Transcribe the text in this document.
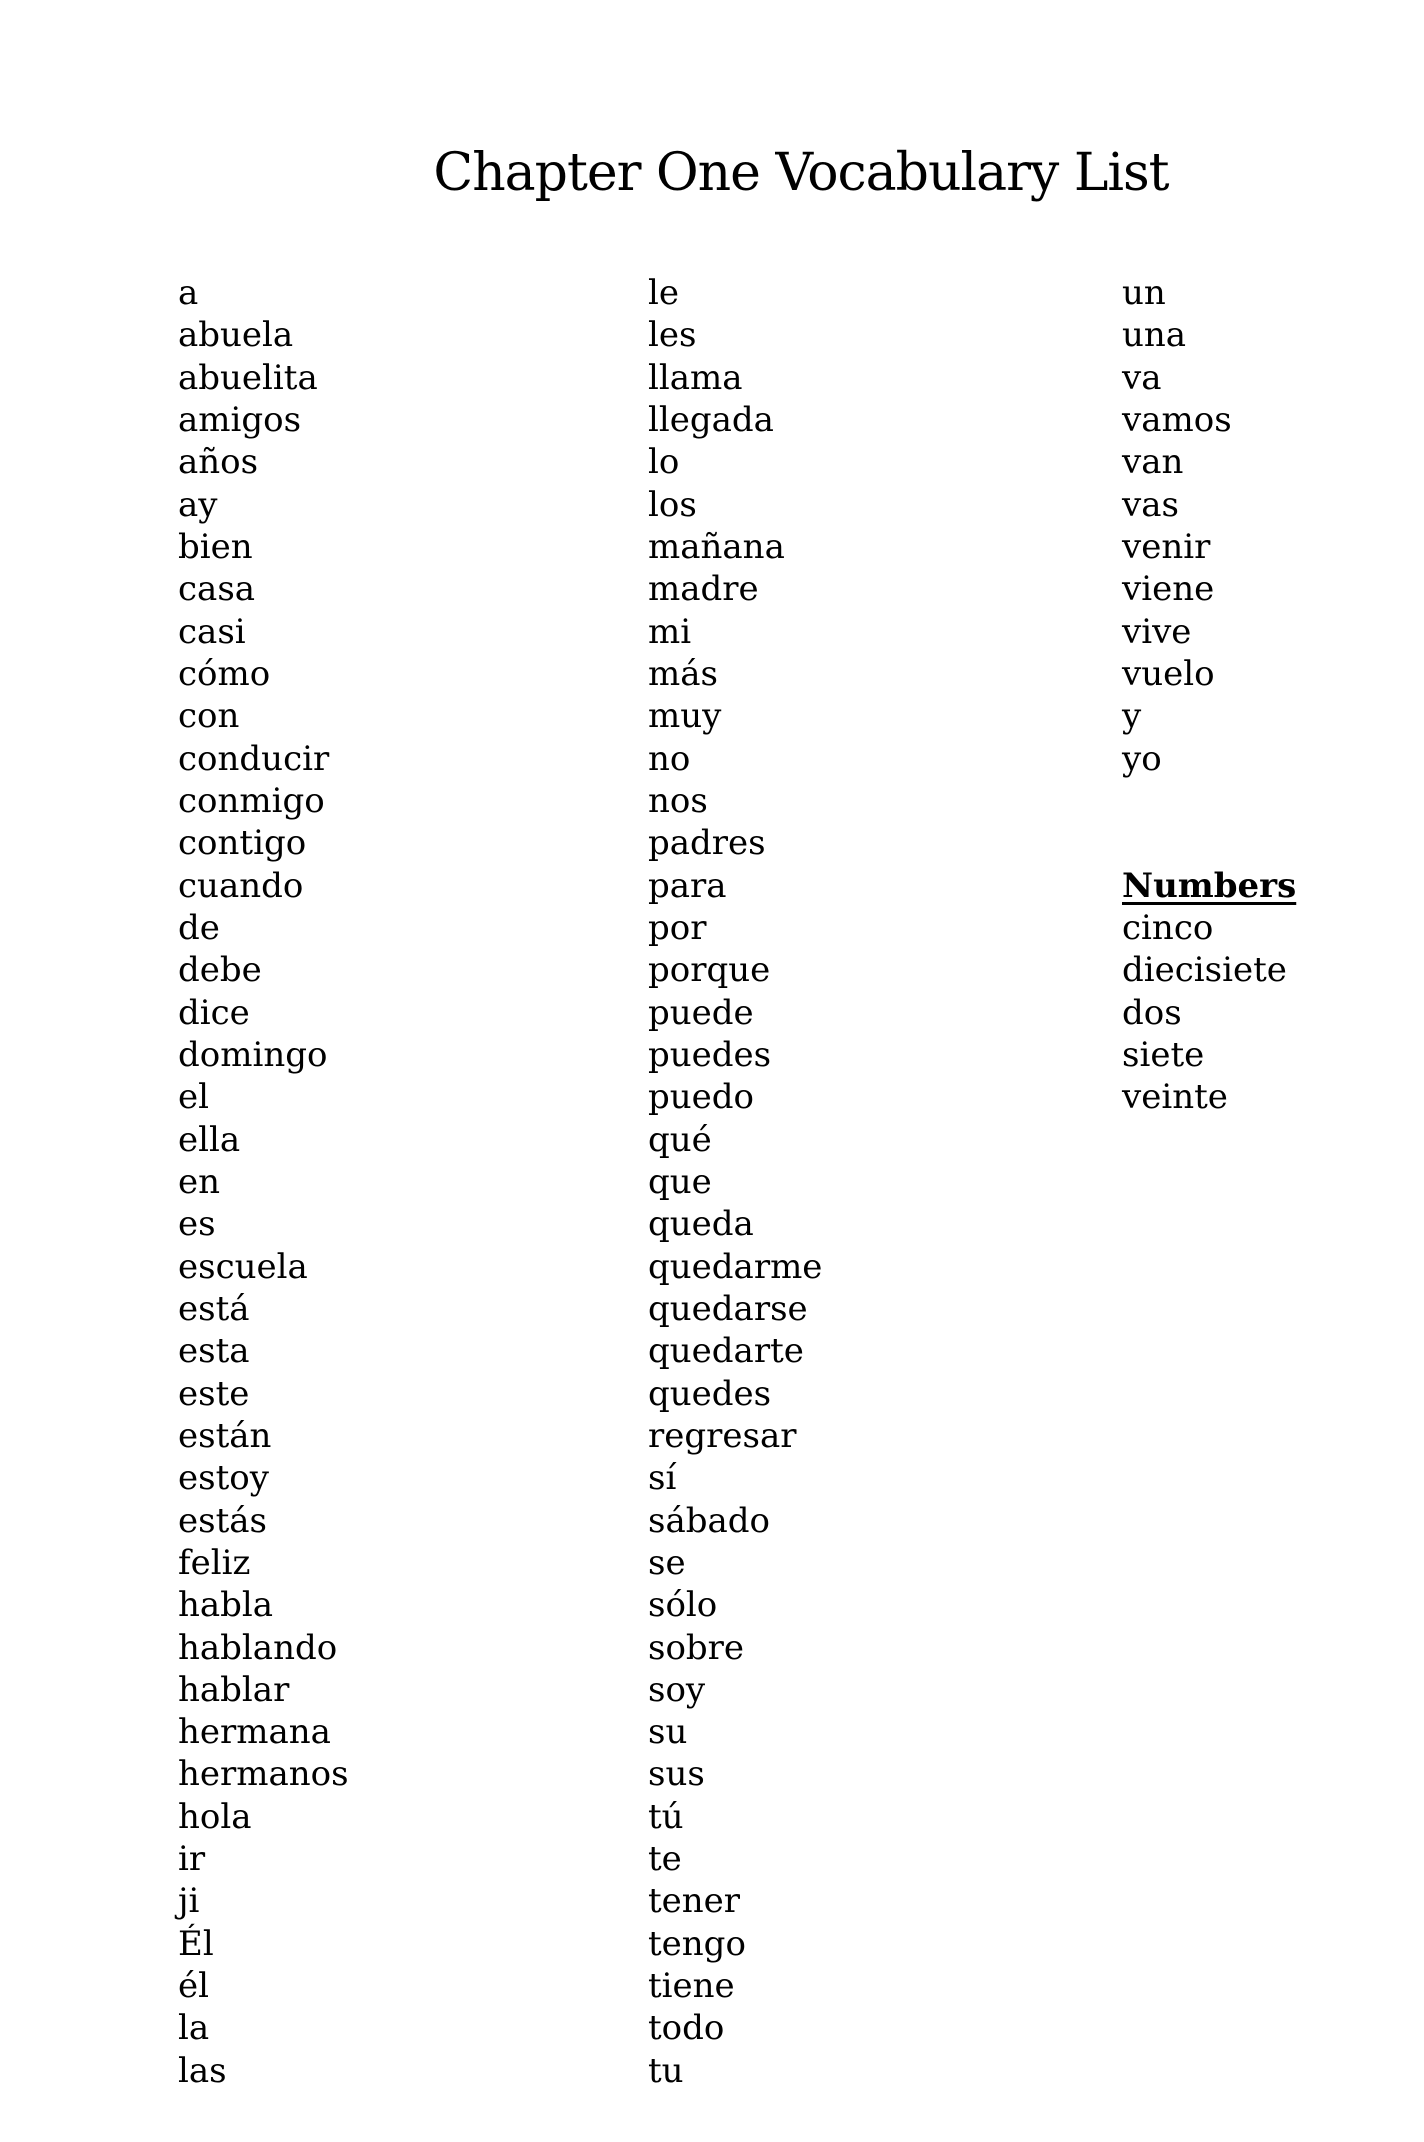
Chapter One Vocabulary List
a
abuela
abuelita
amigos
años
ay
bien
casa
casi
cómo
con
conducir
conmigo
contigo
cuando
de
debe
dice
domingo
el
ella
en
es
escuela
está
esta
este
están
estoy
estás
feliz
habla
hablando
hablar
hermana
hermanos
hola
ir
ji
Él
él
la
las
le
les
llama
llegada
lo
los
mañana
madre
mi
más
muy
no
nos
padres
para
por
porque
puede
puedes
puedo
qué
que
queda
quedarme
quedarse
quedarte
quedes
regresar
sí
sábado
se
sólo
sobre
soy
su
sus
tú
te
tener
tengo
tiene
todo
tu
un
una
va
vamos
van
vas
venir
viene
vive
vuelo
y
yo
Numbers
cinco
diecisiete
dos
siete
veinte
